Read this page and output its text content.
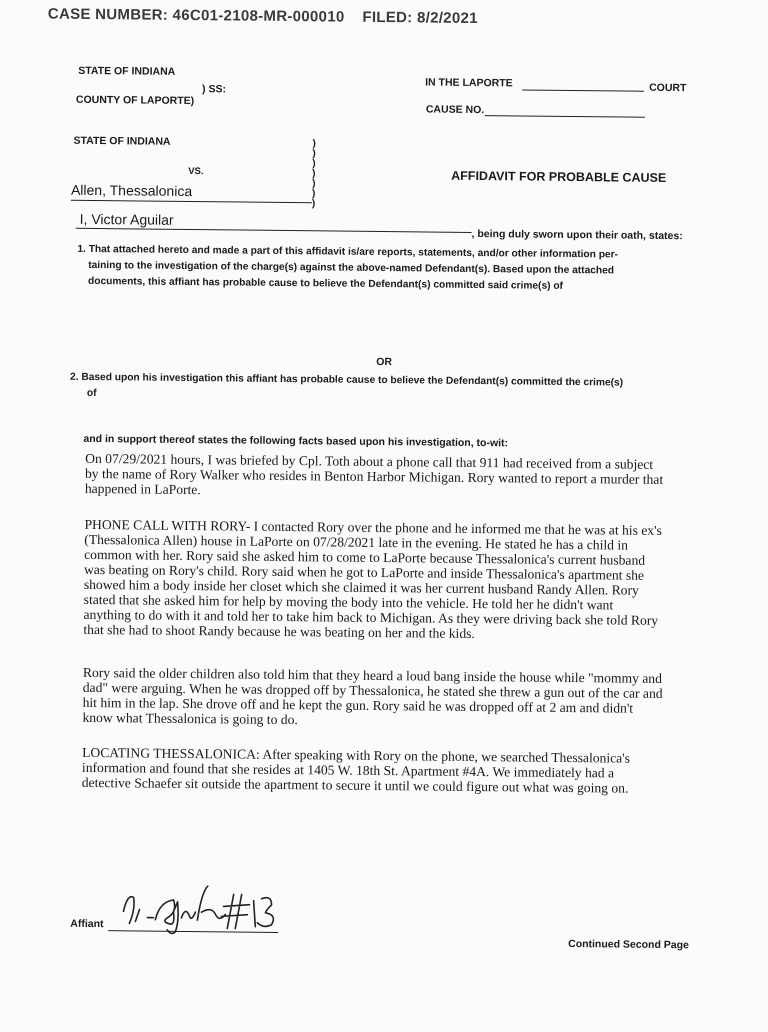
CASE NUMBER: 46C01-2108-MR-000010 FILED: 8/2/2021
STATE OF INDIANA
) SS:
COUNTY OF LAPORTE)
IN THE LAPORTE	COURT
CAUSE NO.
STATE OF INDIANA
VS.
Allen, Thessalonica
)
)
)
)
)
)
)
AFFIDAVIT FOR PROBABLE CAUSE
I, Victor Aguilar
, being duly sworn upon their oath, states:
1. That attached hereto and made a part of this affidavit is/are reports, statements, and/or other information per-
taining to the investigation of the charge(s) against the above-named Defendant(s). Based upon the attached
documents, this affiant has probable cause to believe the Defendant(s) committed said crime(s) of
OR
2. Based upon his investigation this affiant has probable cause to believe the Defendant(s) committed the crime(s)
of
and in support thereof states the following facts based upon his investigation, to-wit:

On 07/29/2021 hours, I was briefed by Cpl. Toth about a phone call that 911 had received from a subject by the name of Rory Walker who resides in Benton Harbor Michigan. Rory wanted to report a murder that happened in LaPorte.

PHONE CALL WITH RORY- I contacted Rory over the phone and he informed me that he was at his ex's (Thessalonica Allen) house in LaPorte on 07/28/2021 late in the evening. He stated he has a child in common with her. Rory said she asked him to come to LaPorte because Thessalonica's current husband was beating on Rory's child. Rory said when he got to LaPorte and inside Thessalonica's apartment she showed him a body inside her closet which she claimed it was her current husband Randy Allen. Rory stated that she asked him for help by moving the body into the vehicle. He told her he didn't want anything to do with it and told her to take him back to Michigan. As they were driving back she told Rory that she had to shoot Randy because he was beating on her and the kids.

Rory said the older children also told him that they heard a loud bang inside the house while "mommy and dad" were arguing. When he was dropped off by Thessalonica, he stated she threw a gun out of the car and hit him in the lap. She drove off and he kept the gun. Rory said he was dropped off at 2 am and didn't know what Thessalonica is going to do.

LOCATING THESSALONICA: After speaking with Rory on the phone, we searched Thessalonica's information and found that she resides at 1405 W. 18th St. Apartment #4A. We immediately had a detective Schaefer sit outside the apartment to secure it until we could figure out what was going on.

Affiant
Continued Second Page
